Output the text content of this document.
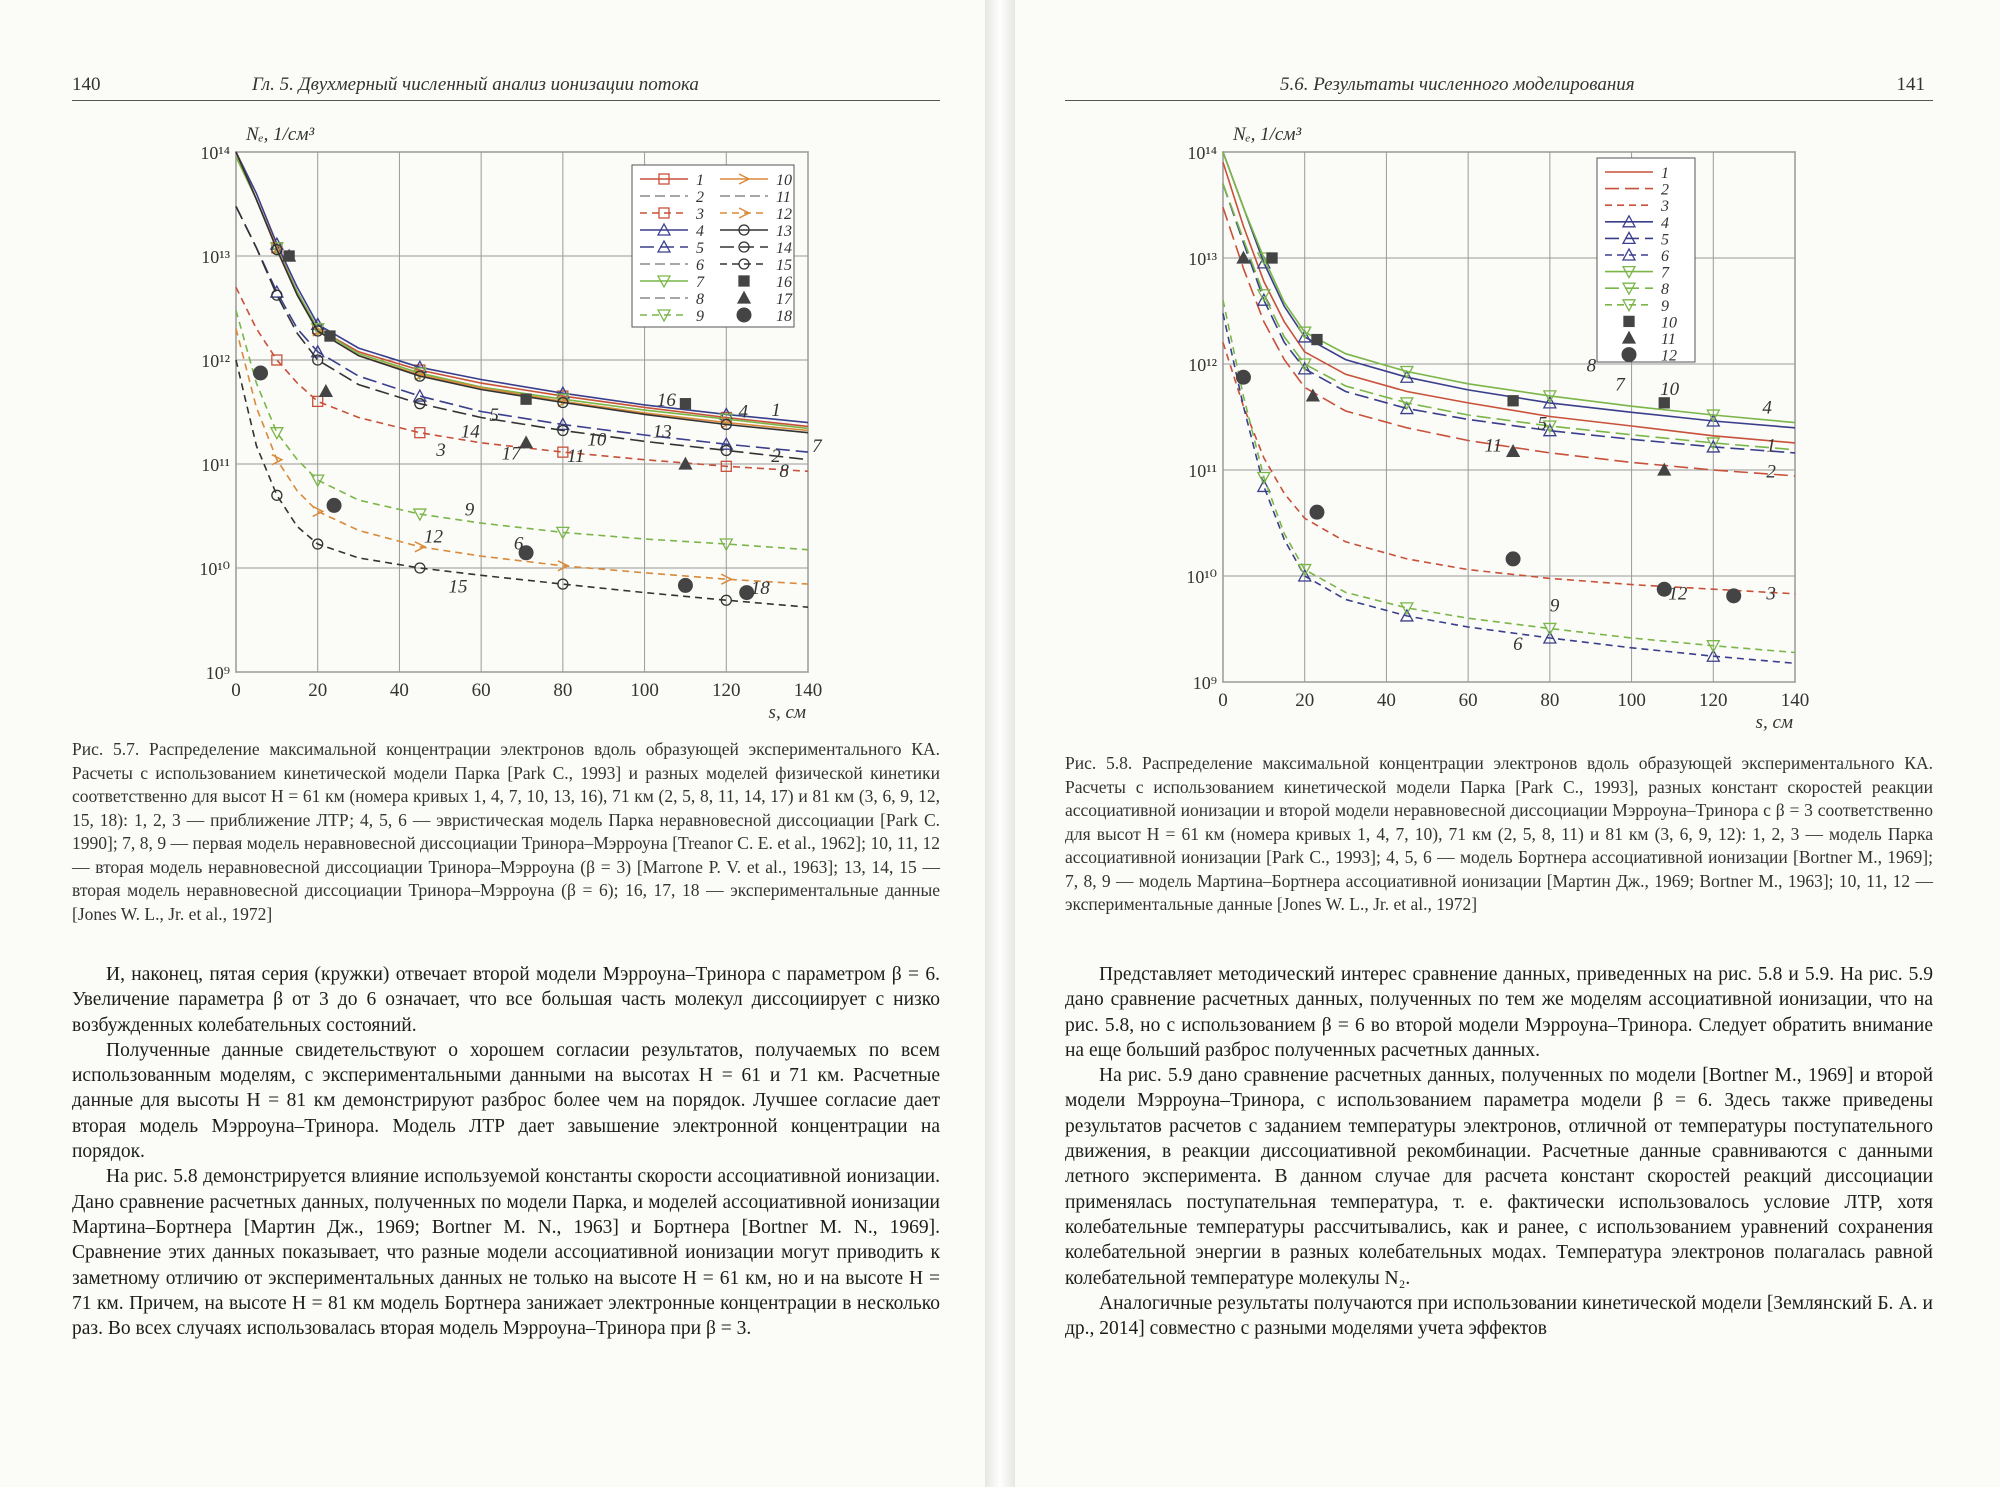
140	Гл. 5. Двухмерный численный анализ ионизации потока
0	20	40	60	80	100	120	140
10⁹
10¹⁰
10¹¹
10¹²
10¹³
10¹⁴
Nₑ, 1/см³
s, см
16
4 1
5
14	10 13
3	17 11	2 7
8
9
12	6
15	18
1
2
3
4
5
6
7
8
9
10
11
12
13
14
15
16
17
18

Рис. 5.7. Распределение максимальной концентрации электронов вдоль образующей экспериментального КА. Расчеты с использованием кинетической модели Парка [Park C., 1993] и разных моделей физической кинетики соответственно для высот H = 61 км (номера кривых 1, 4, 7, 10, 13, 16), 71 км (2, 5, 8, 11, 14, 17) и 81 км (3, 6, 9, 12, 15, 18): 1, 2, 3 — приближение ЛТР; 4, 5, 6 — эвристическая модель Парка неравновесной диссоциации [Park C. 1990]; 7, 8, 9 — первая модель неравновесной диссоциации Тринора–Мэрроуна [Treanor C. E. et al., 1962]; 10, 11, 12 — вторая модель неравновесной диссоциации Тринора–Мэрроуна (β = 3) [Marrone P. V. et al., 1963]; 13, 14, 15 — вторая модель неравновесной диссоциации Тринора–Мэрроуна (β = 6); 16, 17, 18 — экспериментальные данные [Jones W. L., Jr. et al., 1972]

И, наконец, пятая серия (кружки) отвечает второй модели Мэрроуна–Тринора с параметром β = 6. Увеличение параметра β от 3 до 6 означает, что все большая часть молекул диссоциирует с низко возбужденных колебательных состояний.

Полученные данные свидетельствуют о хорошем согласии результатов, получаемых по всем использованным моделям, с экспериментальными данными на высотах H = 61 и 71 км. Расчетные данные для высоты H = 81 км демонстрируют разброс более чем на порядок. Лучшее согласие дает вторая модель Мэрроуна–Тринора. Модель ЛТР дает завышение электронной концентрации на порядок.

На рис. 5.8 демонстрируется влияние используемой константы скорости ассоциативной ионизации. Дано сравнение расчетных данных, полученных по модели Парка, и моделей ассоциативной ионизации Мартина–Бортнера [Мартин Дж., 1969; Bortner M. N., 1963] и Бортнера [Bortner M. N., 1969]. Сравнение этих данных показывает, что разные модели ассоциативной ионизации могут приводить к заметному отличию от экспериментальных данных не только на высоте H = 61 км, но и на высоте H = 71 км. Причем, на высоте H = 81 км модель Бортнера занижает электронные концентрации в несколько раз. Во всех случаях использовалась вторая модель Мэрроуна–Тринора при β = 3.

5.6. Результаты численного моделирования	141
0	20	40	60	80	100	120	140
10⁹
10¹⁰
10¹¹
10¹²
10¹³
10¹⁴
Nₑ, 1/см³
s, см
8
7 10
4
5
11	1
2
3
12
9
6
1
2
3
4
5
6
7
8
9
10
11
12

Рис. 5.8. Распределение максимальной концентрации электронов вдоль образующей экспериментального КА. Расчеты с использованием кинетической модели Парка [Park C., 1993], разных констант скоростей реакции ассоциативной ионизации и второй модели неравновесной диссоциации Мэрроуна–Тринора с β = 3 соответственно для высот H = 61 км (номера кривых 1, 4, 7, 10), 71 км (2, 5, 8, 11) и 81 км (3, 6, 9, 12): 1, 2, 3 — модель Парка ассоциативной ионизации [Park C., 1993]; 4, 5, 6 — модель Бортнера ассоциативной ионизации [Bortner M., 1969]; 7, 8, 9 — модель Мартина–Бортнера ассоциативной ионизации [Мартин Дж., 1969; Bortner M., 1963]; 10, 11, 12 — экспериментальные данные [Jones W. L., Jr. et al., 1972]

Представляет методический интерес сравнение данных, приведенных на рис. 5.8 и 5.9. На рис. 5.9 дано сравнение расчетных данных, полученных по тем же моделям ассоциативной ионизации, что на рис. 5.8, но с использованием β = 6 во второй модели Мэрроуна–Тринора. Следует обратить внимание на еще больший разброс полученных расчетных данных.

На рис. 5.9 дано сравнение расчетных данных, полученных по модели [Bortner M., 1969] и второй модели Мэрроуна–Тринора, с использованием параметра модели β = 6. Здесь также приведены результатов расчетов с заданием температуры электронов, отличной от температуры поступательного движения, в реакции диссоциативной рекомбинации. Расчетные данные сравниваются с данными летного эксперимента. В данном случае для расчета констант скоростей реакций диссоциации применялась поступательная температура, т. е. фактически использовалось условие ЛТР, хотя колебательные температуры рассчитывались, как и ранее, с использованием уравнений сохранения колебательной энергии в разных колебательных модах. Температура электронов полагалась равной колебательной температуре молекулы N₂.

Аналогичные результаты получаются при использовании кинетической модели [Землянский Б. А. и др., 2014] совместно с разными моделями учета эффектов
